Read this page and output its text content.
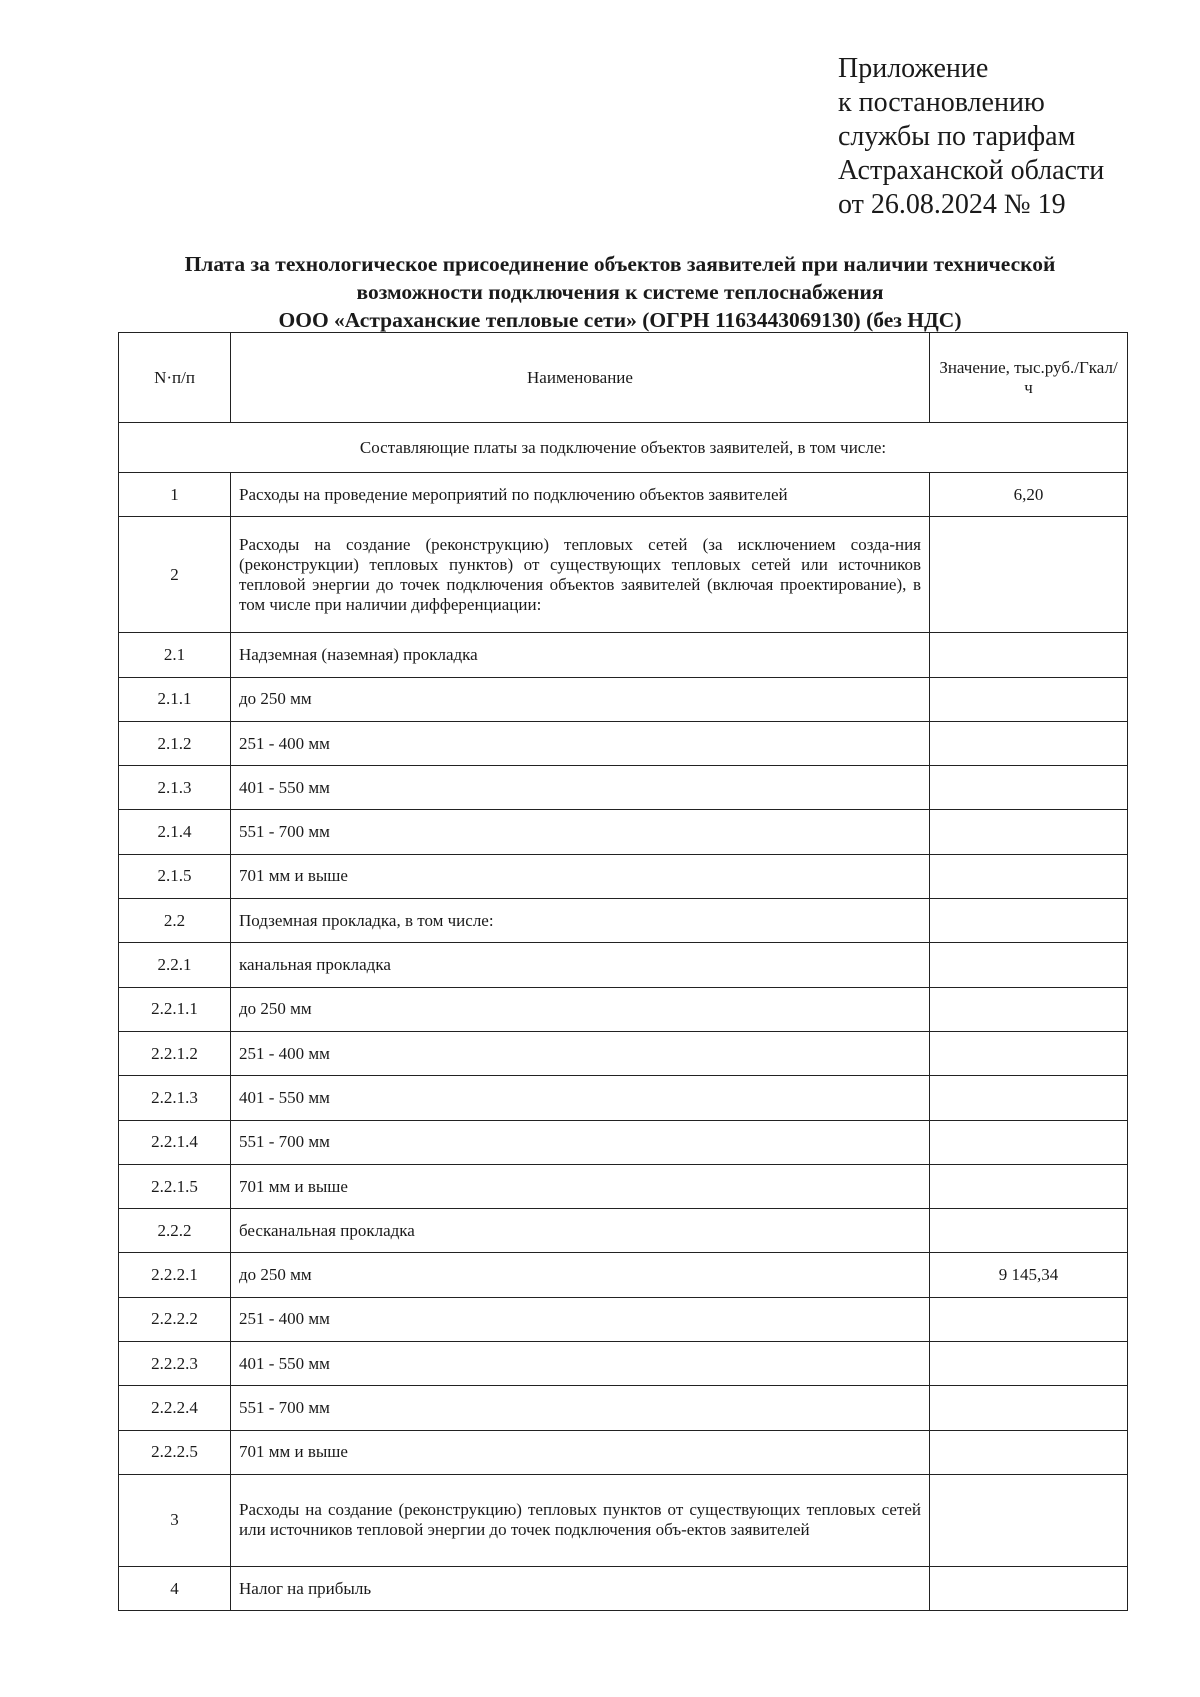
Приложение
к постановлению
службы по тарифам
Астраханской области
от 26.08.2024 № 19
Плата за технологическое присоединение объектов заявителей при наличии технической
возможности подключения к системе теплоснабжения
ООО «Астраханские тепловые сети» (ОГРН 1163443069130) (без НДС)
N·п/п	Наименование	Значение, тыс.руб./Гкал/ч
Составляющие платы за подключение объектов заявителей, в том числе:		
1	Расходы на проведение мероприятий по подключению объектов заявителей	6,20
2	Расходы на создание (реконструкцию) тепловых сетей (за исключением созда-ния (реконструкции) тепловых пунктов) от существующих тепловых сетей или источников тепловой энергии до точек подключения объектов заявителей (включая проектирование), в том числе при наличии дифференциации:	
2.1	Надземная (наземная) прокладка	
2.1.1	до 250 мм	
2.1.2	251 - 400 мм	
2.1.3	401 - 550 мм	
2.1.4	551 - 700 мм	
2.1.5	701 мм и выше	
2.2	Подземная прокладка, в том числе:	
2.2.1	канальная прокладка	
2.2.1.1	до 250 мм	
2.2.1.2	251 - 400 мм	
2.2.1.3	401 - 550 мм	
2.2.1.4	551 - 700 мм	
2.2.1.5	701 мм и выше	
2.2.2	бесканальная прокладка	
2.2.2.1	до 250 мм	9 145,34
2.2.2.2	251 - 400 мм	
2.2.2.3	401 - 550 мм	
2.2.2.4	551 - 700 мм	
2.2.2.5	701 мм и выше	
3	Расходы на создание (реконструкцию) тепловых пунктов от существующих тепловых сетей или источников тепловой энергии до точек подключения объ-ектов заявителей	
4	Налог на прибыль	
